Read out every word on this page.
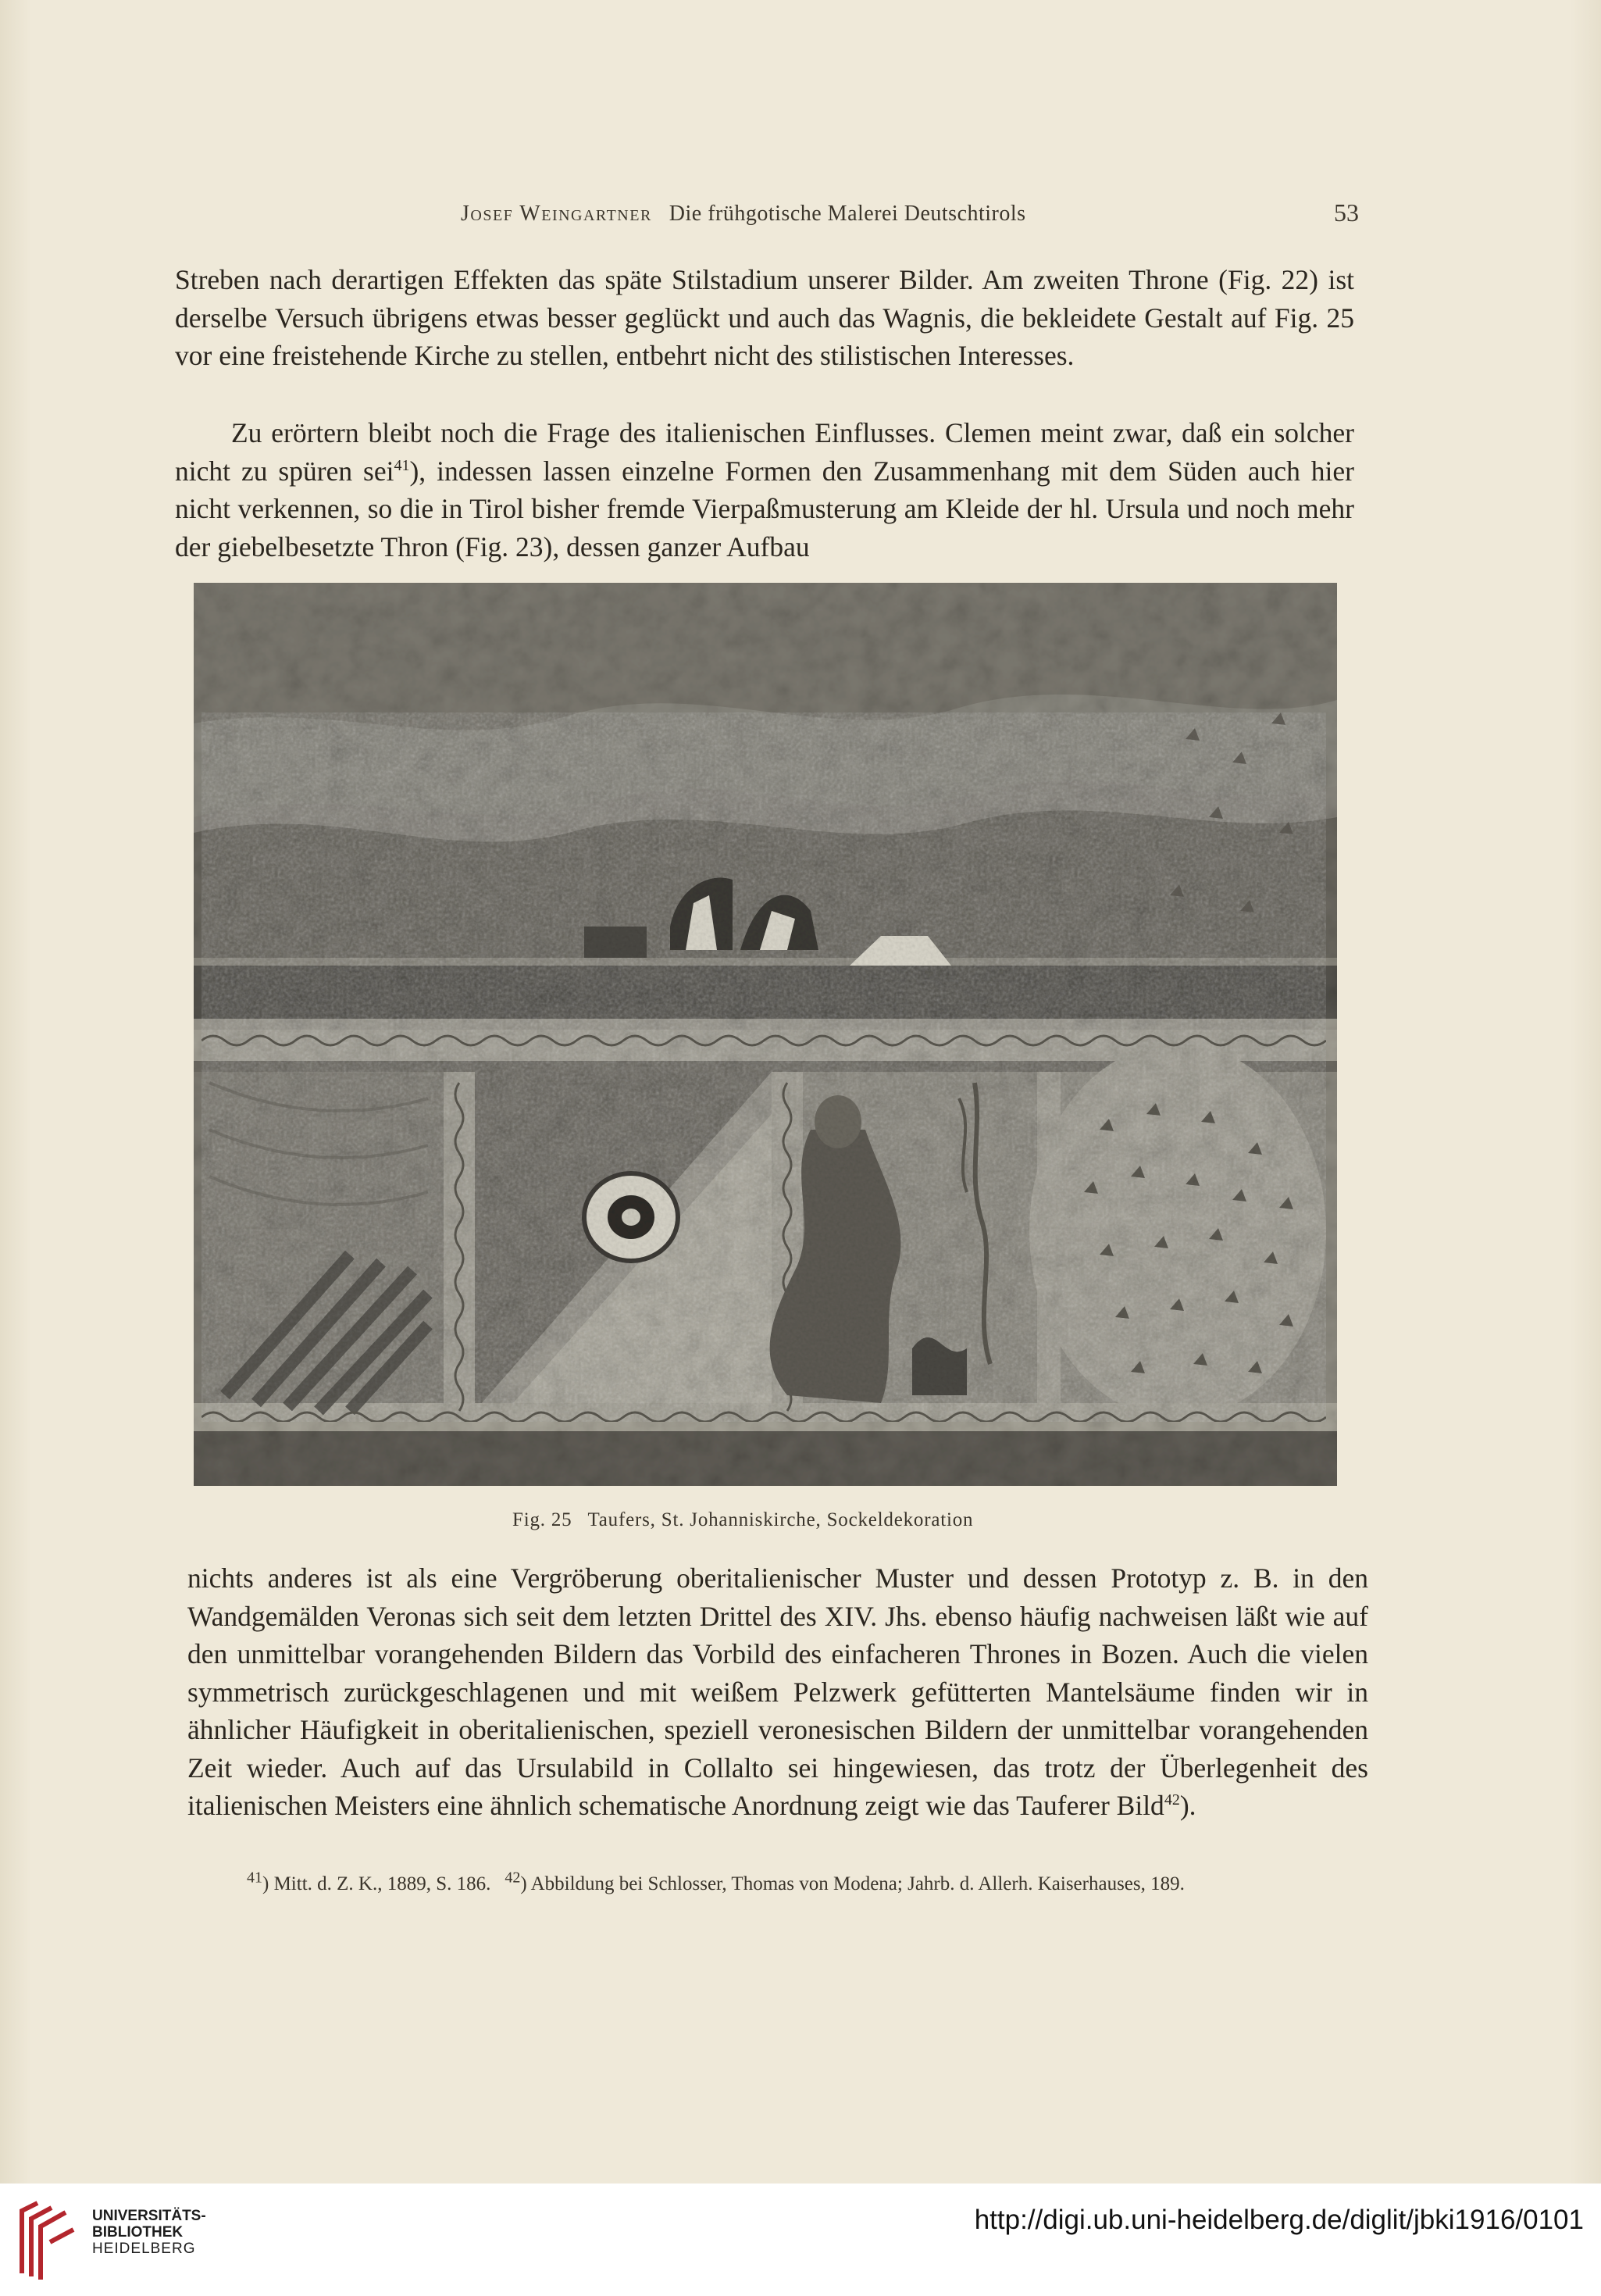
Josef Weingartner Die frühgotische Malerei Deutschtirols	53

Streben nach derartigen Effekten das späte Stilstadium unserer Bilder. Am zweiten Throne (Fig. 22) ist derselbe Versuch übrigens etwas besser geglückt und auch das Wagnis, die bekleidete Gestalt auf Fig. 25 vor eine freistehende Kirche zu stellen, entbehrt nicht des stilistischen Interesses.

Zu erörtern bleibt noch die Frage des italienischen Einflusses. Clemen meint zwar, daß ein solcher nicht zu spüren sei$^{41}$), indessen lassen einzelne Formen den Zusammenhang mit dem Süden auch hier nicht verkennen, so die in Tirol bisher fremde Vierpaßmusterung am Kleide der hl. Ursula und noch mehr der giebelbesetzte Thron (Fig. 23), dessen ganzer Aufbau

Fig. 25 Taufers, St. Johanniskirche, Sockeldekoration

nichts anderes ist als eine Vergröberung oberitalienischer Muster und dessen Prototyp z. B. in den Wandgemälden Veronas sich seit dem letzten Drittel des XIV. Jhs. ebenso häufig nachweisen läßt wie auf den unmittelbar vorangehenden Bildern das Vorbild des einfacheren Thrones in Bozen. Auch die vielen symmetrisch zurückgeschlagenen und mit weißem Pelzwerk gefütterten Mantelsäume finden wir in ähnlicher Häufigkeit in oberitalienischen, speziell veronesischen Bildern der unmittelbar vorangehenden Zeit wieder. Auch auf das Ursulabild in Collalto sei hingewiesen, das trotz der Überlegenheit des italienischen Meisters eine ähnlich schematische Anordnung zeigt wie das Tauferer Bild$^{42}$).

$^{41}$) Mitt. d. Z. K., 1889, S. 186. $^{42}$) Abbildung bei Schlosser, Thomas von Modena; Jahrb. d. Allerh. Kaiserhauses, 189.
UNIVERSITÄTS-
BIBLIOTHEK
HEIDELBERG
http://digi.ub.uni-heidelberg.de/diglit/jbki1916/0101
